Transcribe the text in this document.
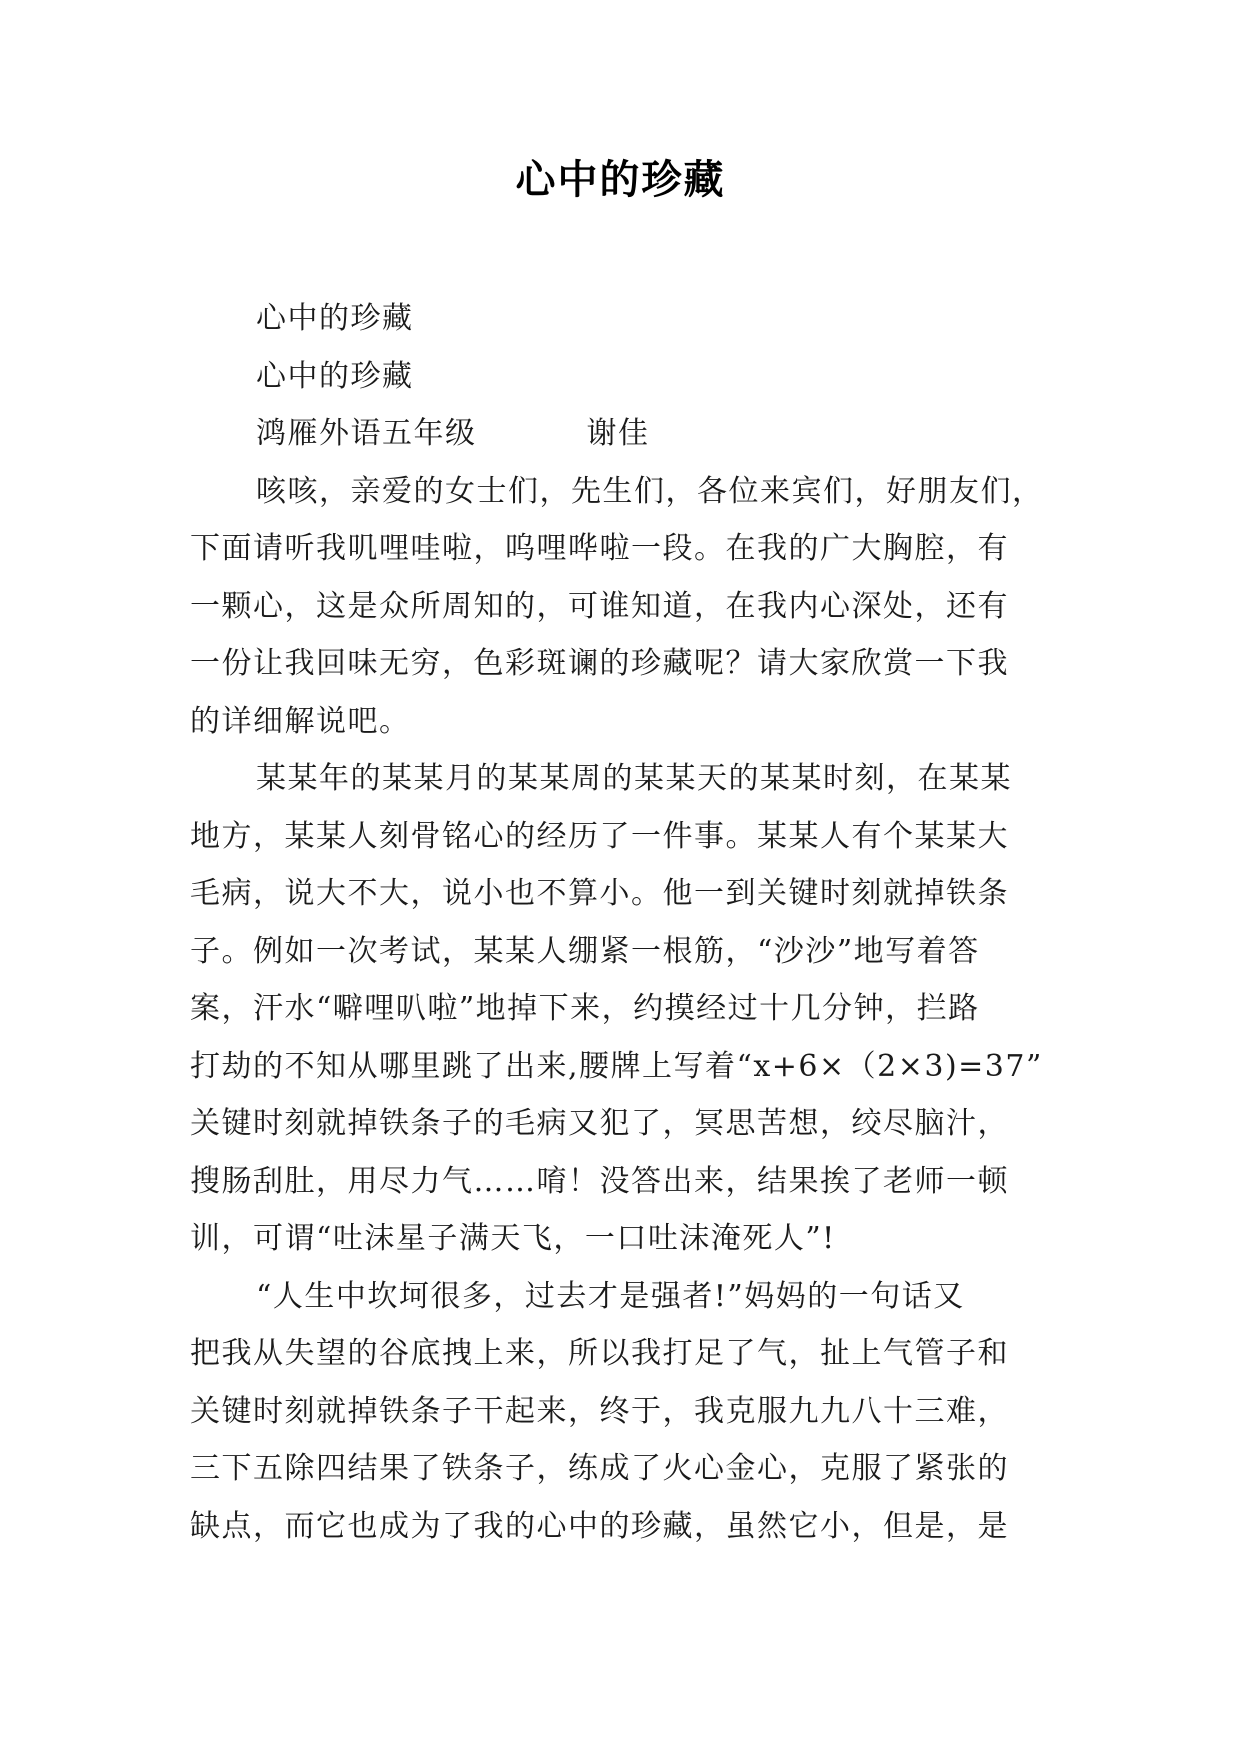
心中的珍藏
心中的珍藏
心中的珍藏
鸿雁外语五年级	谢佳
咳咳，亲爱的女士们，先生们，各位来宾们，好朋友们，
下面请听我叽哩哇啦，呜哩哗啦一段。在我的广大胸腔，有
一颗心，这是众所周知的，可谁知道，在我内心深处，还有
一份让我回味无穷，色彩斑谰的珍藏呢？请大家欣赏一下我
的详细解说吧。
某某年的某某月的某某周的某某天的某某时刻，在某某
地方，某某人刻骨铭心的经历了一件事。某某人有个某某大
毛病，说大不大，说小也不算小。他一到关键时刻就掉铁条
子。例如一次考试，某某人绷紧一根筋，“沙沙”地写着答
案，汗水“噼哩叭啦”地掉下来，约摸经过十几分钟，拦路
打劫的不知从哪里跳了出来,腰牌上写着“x+6×（2×3)=37”
关键时刻就掉铁条子的毛病又犯了，冥思苦想，绞尽脑汁，
搜肠刮肚，用尽力气……唷！没答出来，结果挨了老师一顿
训，可谓“吐沫星子满天飞，一口吐沫淹死人”!
“人生中坎坷很多，过去才是强者!”妈妈的一句话又
把我从失望的谷底拽上来，所以我打足了气，扯上气管子和
关键时刻就掉铁条子干起来，终于，我克服九九八十三难，
三下五除四结果了铁条子，练成了火心金心，克服了紧张的
缺点，而它也成为了我的心中的珍藏，虽然它小，但是，是
